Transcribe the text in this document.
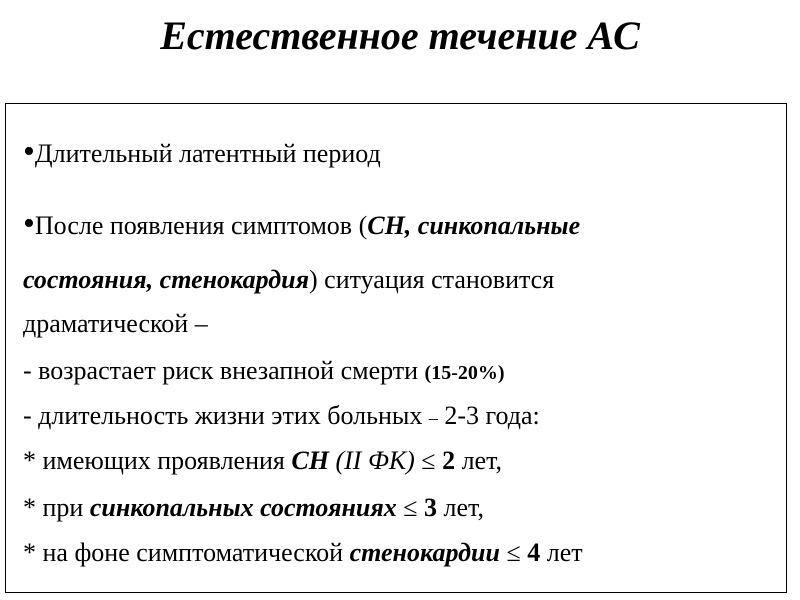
Естественное течение АС
•Длительный латентный период
•После появления симптомов (СН, синкопальные
состояния, стенокардия) ситуация становится
драматической –
- возрастает риск внезапной смерти (15-20%)
- длительность жизни этих больных – 2-3 года:
* имеющих проявления СН (II ФК) ≤ 2 лет,
* при синкопальных состояниях ≤ 3 лет,
* на фоне симптоматической стенокардии ≤ 4 лет
